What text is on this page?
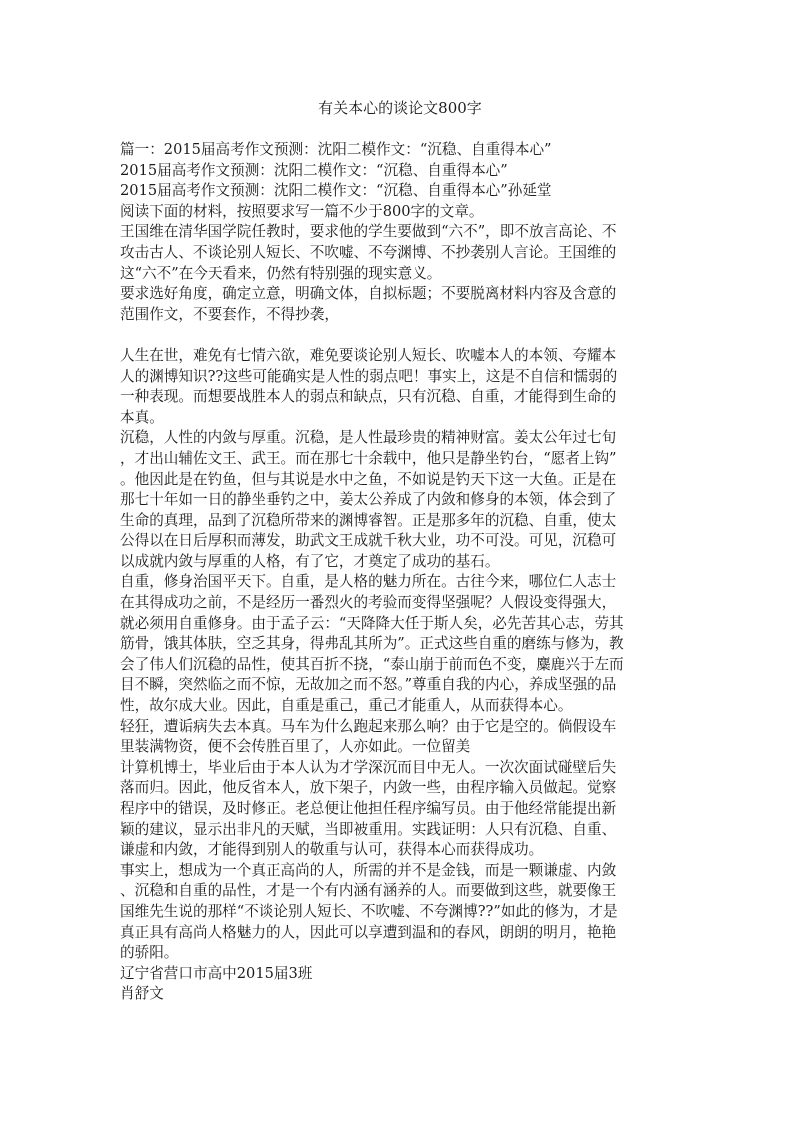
有关本心的谈论文800字
篇一：2015届高考作文预测：沈阳二模作文：“沉稳、自重得本心”
2015届高考作文预测：沈阳二模作文：“沉稳、自重得本心”
2015届高考作文预测：沈阳二模作文：“沉稳、自重得本心”孙延堂
阅读下面的材料，按照要求写一篇不少于800字的文章。
王国维在清华国学院任教时，要求他的学生要做到“六不”，即不放言高论、不
攻击古人、不谈论别人短长、不吹嘘、不夸渊博、不抄袭别人言论。王国维的
这“六不”在今天看来，仍然有特别强的现实意义。
要求选好角度，确定立意，明确文体，自拟标题；不要脱离材料内容及含意的
范围作文，不要套作，不得抄袭，
人生在世，难免有七情六欲，难免要谈论别人短长、吹嘘本人的本领、夸耀本
人的渊博知识??这些可能确实是人性的弱点吧！事实上，这是不自信和懦弱的
一种表现。而想要战胜本人的弱点和缺点，只有沉稳、自重，才能得到生命的
本真。
沉稳，人性的内敛与厚重。沉稳，是人性最珍贵的精神财富。姜太公年过七旬
，才出山辅佐文王、武王。而在那七十余载中，他只是静坐钓台，“愿者上钩”
。他因此是在钓鱼，但与其说是水中之鱼，不如说是钓天下这一大鱼。正是在
那七十年如一日的静坐垂钓之中，姜太公养成了内敛和修身的本领，体会到了
生命的真理，品到了沉稳所带来的渊博睿智。正是那多年的沉稳、自重，使太
公得以在日后厚积而薄发，助武文王成就千秋大业，功不可没。可见，沉稳可
以成就内敛与厚重的人格，有了它，才奠定了成功的基石。
自重，修身治国平天下。自重，是人格的魅力所在。古往今来，哪位仁人志士
在其得成功之前，不是经历一番烈火的考验而变得坚强呢？人假设变得强大，
就必须用自重修身。由于孟子云：“天降降大任于斯人矣，必先苦其心志，劳其
筋骨，饿其体肤，空乏其身，得弗乱其所为”。正式这些自重的磨练与修为，教
会了伟人们沉稳的品性，使其百折不挠，“泰山崩于前而色不变，麋鹿兴于左而
目不瞬，突然临之而不惊，无故加之而不怒。”尊重自我的内心，养成坚强的品
性，故尔成大业。因此，自重是重己，重己才能重人，从而获得本心。
轻狂，遭诟病失去本真。马车为什么跑起来那么响？由于它是空的。倘假设车
里装满物资，便不会传胜百里了，人亦如此。一位留美
计算机博士，毕业后由于本人认为才学深沉而目中无人。一次次面试碰壁后失
落而归。因此，他反省本人，放下架子，内敛一些，由程序输入员做起。觉察
程序中的错误，及时修正。老总便让他担任程序编写员。由于他经常能提出新
颖的建议，显示出非凡的天赋，当即被重用。实践证明：人只有沉稳、自重、
谦虚和内敛，才能得到别人的敬重与认可，获得本心而获得成功。
事实上，想成为一个真正高尚的人，所需的并不是金钱，而是一颗谦虚、内敛
、沉稳和自重的品性，才是一个有内涵有涵养的人。而要做到这些，就要像王
国维先生说的那样“不谈论别人短长、不吹嘘、不夸渊博??”如此的修为，才是
真正具有高尚人格魅力的人，因此可以享遭到温和的春风，朗朗的明月，艳艳
的骄阳。
辽宁省营口市高中2015届3班
肖舒文
